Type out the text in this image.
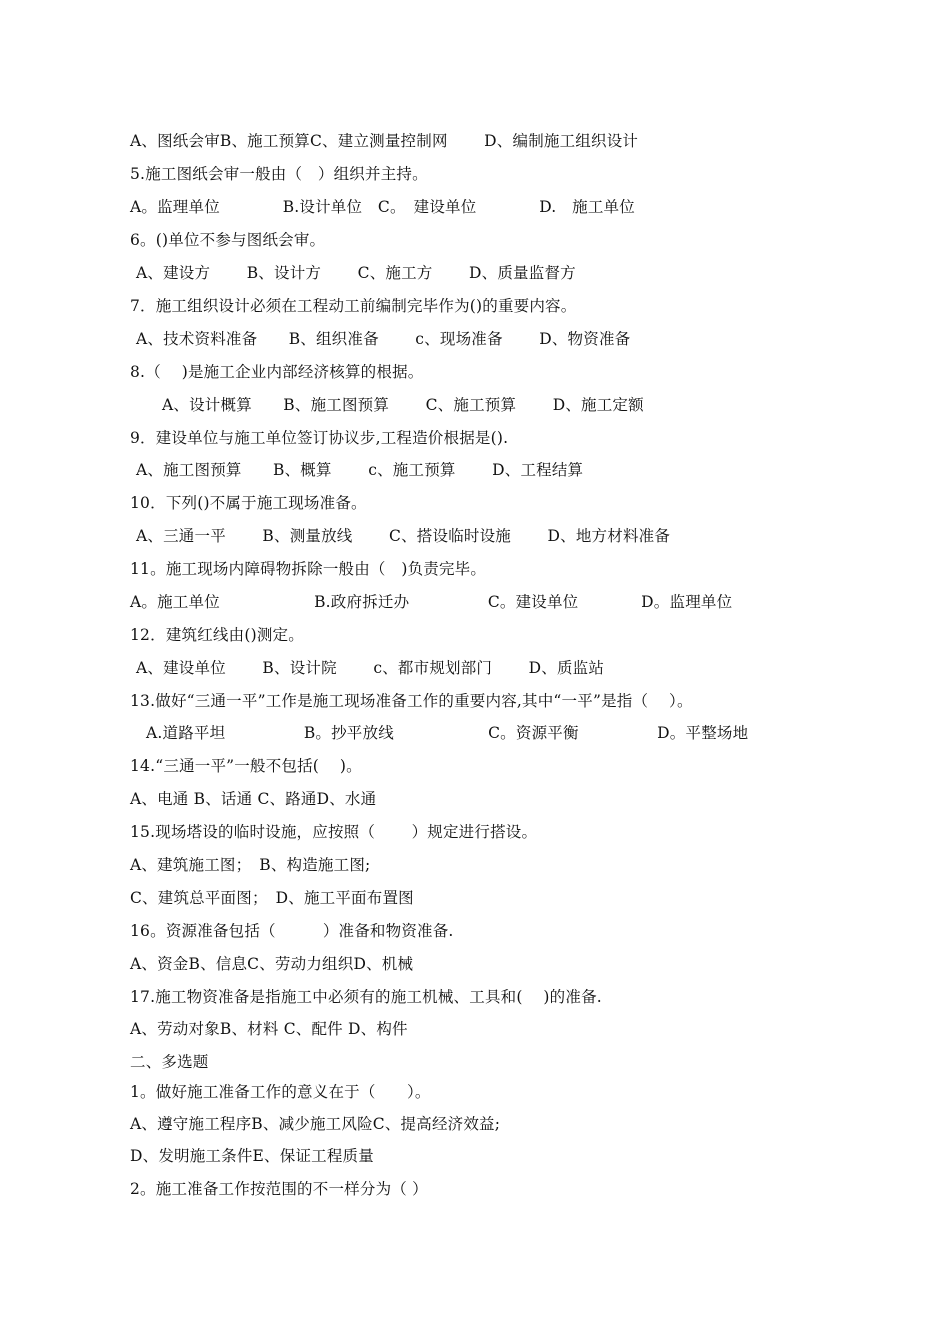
A、图纸会审B、施工预算C、建立测量控制网　　 D、编制施工组织设计
5.施工图纸会审一般由（　）组织并主持。
A。监理单位　　　　B.设计单位　C。　建设单位　　　　D.　施工单位
6。()单位不参与图纸会审。
A、建设方　　 B、设计方　　 C、施工方　　 D、质量监督方
7．施工组织设计必须在工程动工前编制完毕作为()的重要内容。
A、技术资料准备　　B、组织准备　　 c、现场准备　　 D、物资准备
8.（　 )是施工企业内部经济核算的根据。
A、设计概算　　B、施工图预算　　 C、施工预算　　 D、施工定额
9．建设单位与施工单位签订协议步,工程造价根据是().
A、施工图预算　　B、概算　　 c、施工预算　　 D、工程结算
10．下列()不属于施工现场准备。
A、三通一平　　 B、测量放线　　 C、搭设临时设施　　 D、地方材料准备
11。施工现场内障碍物拆除一般由（　)负责完毕。
A。施工单位　　　　　　B.政府拆迁办　　　　　C。建设单位　　　　D。监理单位
12．建筑红线由()测定。
A、建设单位　　 B、设计院　　 c、都市规划部门　　 D、质监站
13.做好“三通一平”工作是施工现场准备工作的重要内容,其中“一平”是指（　 ）。
A.道路平坦　　　　　B。抄平放线　　　　　　C。资源平衡　　　　　D。平整场地
14.“三通一平”一般不包括(　 )。
A、电通 B、话通 C、路通D、水通
15.现场塔设的临时设施，应按照（　　 ）规定进行搭设。
A、建筑施工图；　B、构造施工图;
C、建筑总平面图；　D、施工平面布置图
16。资源准备包括（　　　）准备和物资准备.
A、资金B、信息C、劳动力组织D、机械
17.施工物资准备是指施工中必须有的施工机械、工具和(　 )的准备.
A、劳动对象B、材料 C、配件 D、构件
二、多选题
1。做好施工准备工作的意义在于（　　）。
A、遵守施工程序B、减少施工风险C、提高经济效益;
D、发明施工条件E、保证工程质量
2。施工准备工作按范围的不一样分为（ ）
